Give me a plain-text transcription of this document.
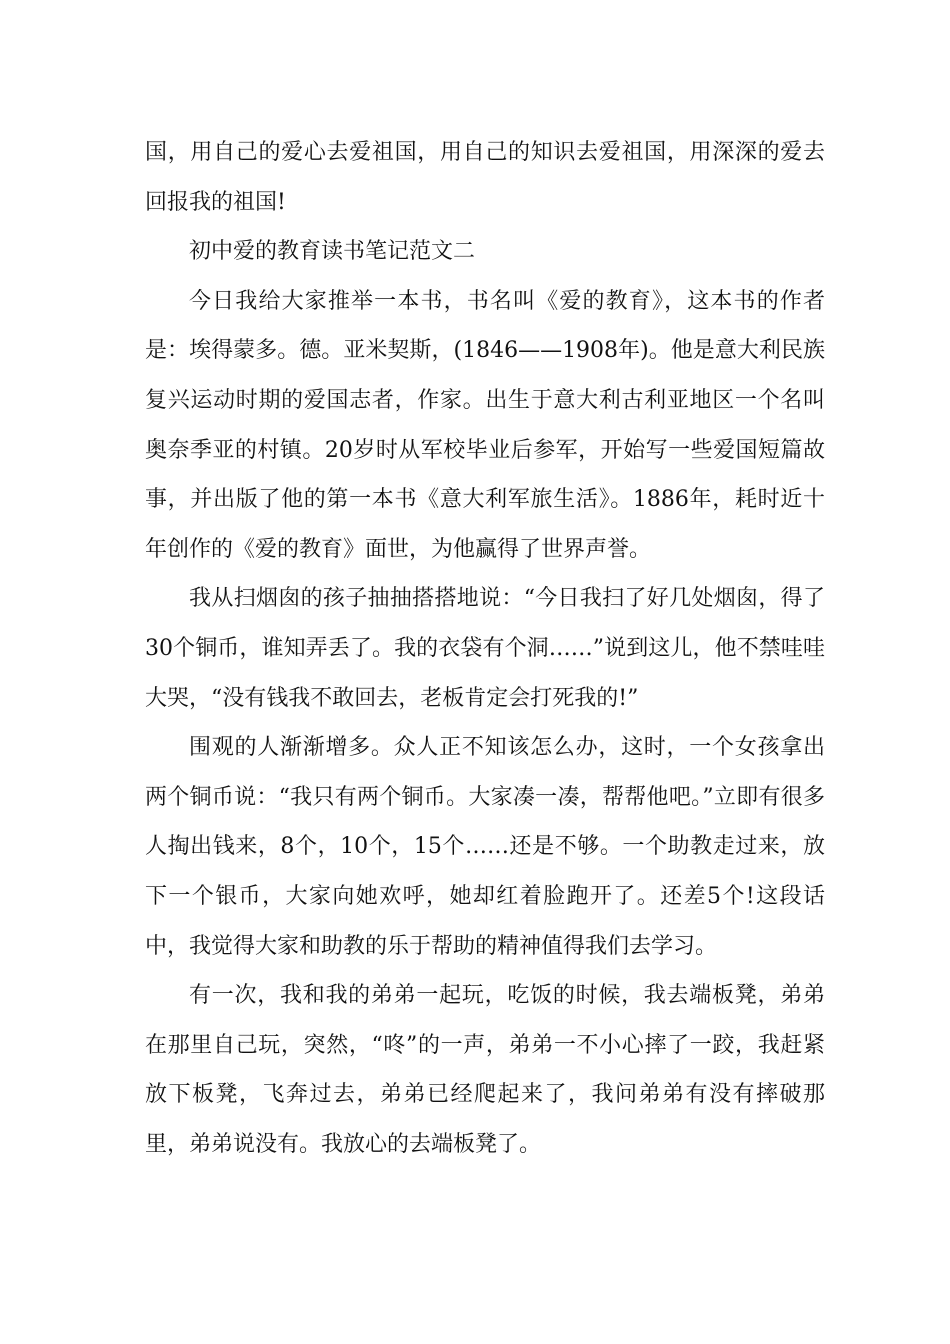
国，用自己的爱心去爱祖国，用自己的知识去爱祖国，用深深的爱去回报我的祖国!

初中爱的教育读书笔记范文二

今日我给大家推举一本书，书名叫《爱的教育》，这本书的作者是：埃得蒙多。德。亚米契斯，(1846——1908年)。他是意大利民族复兴运动时期的爱国志者，作家。出生于意大利古利亚地区一个名叫奥奈季亚的村镇。20岁时从军校毕业后参军，开始写一些爱国短篇故事，并出版了他的第一本书《意大利军旅生活》。1886年，耗时近十年创作的《爱的教育》面世，为他赢得了世界声誉。

我从扫烟囱的孩子抽抽搭搭地说：“今日我扫了好几处烟囱，得了30个铜币，谁知弄丢了。我的衣袋有个洞……”说到这儿，他不禁哇哇大哭，“没有钱我不敢回去，老板肯定会打死我的!”

围观的人渐渐增多。众人正不知该怎么办，这时，一个女孩拿出两个铜币说：“我只有两个铜币。大家凑一凑，帮帮他吧。”立即有很多人掏出钱来，8个，10个，15个……还是不够。一个助教走过来，放下一个银币，大家向她欢呼，她却红着脸跑开了。还差5个!这段话中，我觉得大家和助教的乐于帮助的精神值得我们去学习。

有一次，我和我的弟弟一起玩，吃饭的时候，我去端板凳，弟弟在那里自己玩，突然，“咚”的一声，弟弟一不小心摔了一跤，我赶紧放下板凳，飞奔过去，弟弟已经爬起来了，我问弟弟有没有摔破那里，弟弟说没有。我放心的去端板凳了。
